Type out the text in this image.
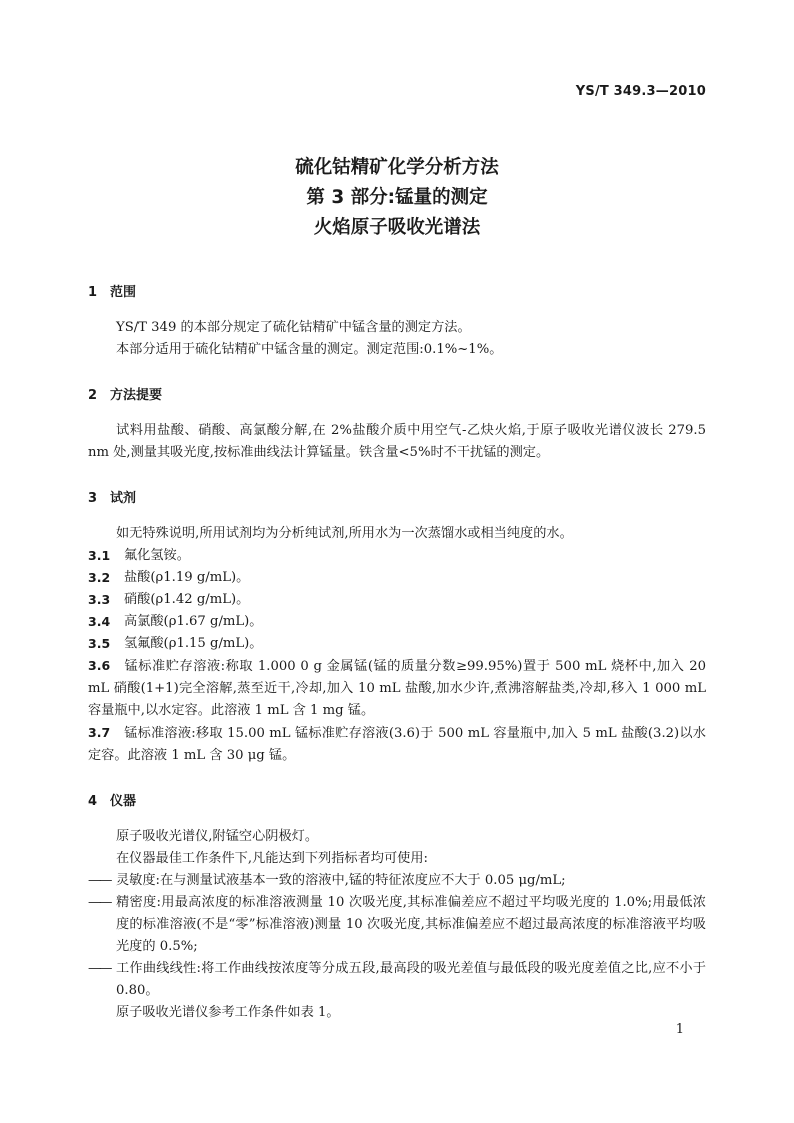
YS/T 349.3—2010
硫化钴精矿化学分析方法
第 3 部分:锰量的测定
火焰原子吸收光谱法
1 范围

YS/T 349 的本部分规定了硫化钴精矿中锰含量的测定方法。

本部分适用于硫化钴精矿中锰含量的测定。测定范围:0.1%~1%。

2 方法提要

试料用盐酸、硝酸、高氯酸分解,在 2%盐酸介质中用空气-乙炔火焰,于原子吸收光谱仪波长 279.5 nm 处,测量其吸光度,按标准曲线法计算锰量。铁含量<5%时不干扰锰的测定。

3 试剂

如无特殊说明,所用试剂均为分析纯试剂,所用水为一次蒸馏水或相当纯度的水。

3.1	氟化氢铵。
3.2	盐酸(ρ1.19 g/mL)。
3.3	硝酸(ρ1.42 g/mL)。
3.4	高氯酸(ρ1.67 g/mL)。
3.5	氢氟酸(ρ1.15 g/mL)。

3.6 锰标准贮存溶液:称取 1.000 0 g 金属锰(锰的质量分数≥99.95%)置于 500 mL 烧杯中,加入 20 mL 硝酸(1+1)完全溶解,蒸至近干,冷却,加入 10 mL 盐酸,加水少许,煮沸溶解盐类,冷却,移入 1 000 mL 容量瓶中,以水定容。此溶液 1 mL 含 1 mg 锰。

3.7 锰标准溶液:移取 15.00 mL 锰标准贮存溶液(3.6)于 500 mL 容量瓶中,加入 5 mL 盐酸(3.2)以水定容。此溶液 1 mL 含 30 μg 锰。

4 仪器

原子吸收光谱仪,附锰空心阴极灯。

在仪器最佳工作条件下,凡能达到下列指标者均可使用:

—— 灵敏度:在与测量试液基本一致的溶液中,锰的特征浓度应不大于 0.05 μg/mL;
—— 精密度:用最高浓度的标准溶液测量 10 次吸光度,其标准偏差应不超过平均吸光度的 1.0%;用最低浓度的标准溶液(不是“零”标准溶液)测量 10 次吸光度,其标准偏差应不超过最高浓度的标准溶液平均吸光度的 0.5%;
—— 工作曲线线性:将工作曲线按浓度等分成五段,最高段的吸光差值与最低段的吸光度差值之比,应不小于 0.80。

原子吸收光谱仪参考工作条件如表 1。

1
